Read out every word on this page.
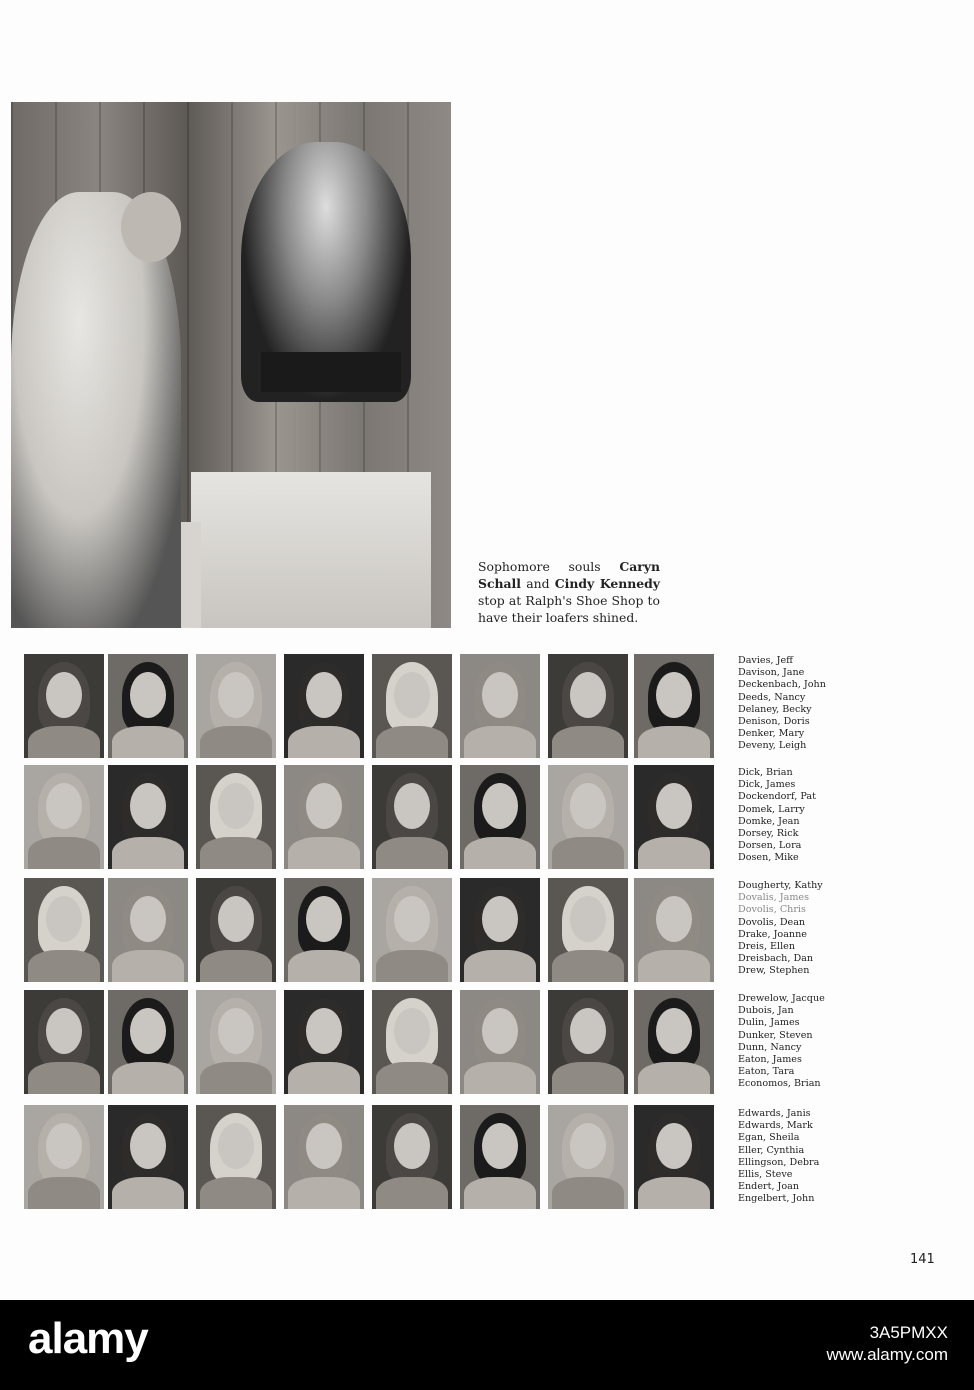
Sophomore souls Caryn Schall and Cindy Kennedy stop at Ralph's Shoe Shop to have their loafers shined.
Davies, Jeff
Davison, Jane
Deckenbach, John
Deeds, Nancy
Delaney, Becky
Denison, Doris
Denker, Mary
Deveny, Leigh
Dick, Brian
Dick, James
Dockendorf, Pat
Domek, Larry
Domke, Jean
Dorsey, Rick
Dorsen, Lora
Dosen, Mike
Dougherty, Kathy
Dovalis, James
Dovolis, Chris
Dovolis, Dean
Drake, Joanne
Dreis, Ellen
Dreisbach, Dan
Drew, Stephen
Drewelow, Jacque
Dubois, Jan
Dulin, James
Dunker, Steven
Dunn, Nancy
Eaton, James
Eaton, Tara
Economos, Brian
Edwards, Janis
Edwards, Mark
Egan, Sheila
Eller, Cynthia
Ellingson, Debra
Ellis, Steve
Endert, Joan
Engelbert, John
141
alamy	3A5PMXX
www.alamy.com
